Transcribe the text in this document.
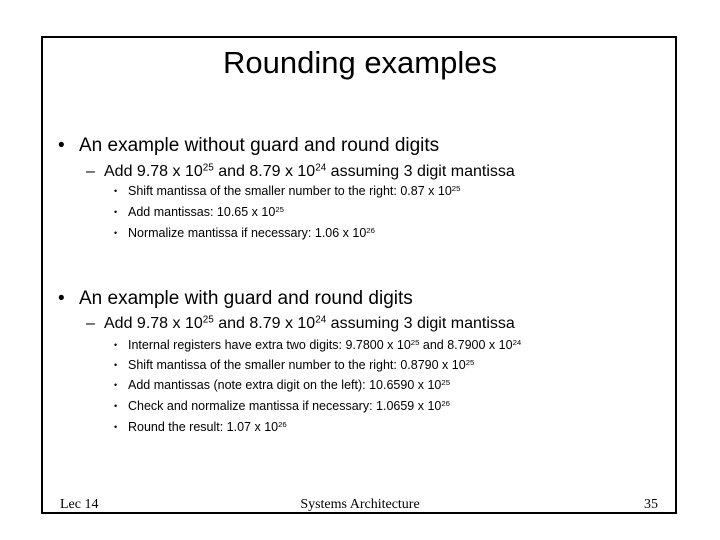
Rounding examples
• An example without guard and round digits
– Add 9.78 x $10^{25}$ and 8.79 x $10^{24}$ assuming 3 digit mantissa
• Shift mantissa of the smaller number to the right: 0.87 x $10^{25}$
• Add mantissas: 10.65 x $10^{25}$
• Normalize mantissa if necessary: 1.06 x $10^{26}$
• An example with guard and round digits
– Add 9.78 x $10^{25}$ and 8.79 x $10^{24}$ assuming 3 digit mantissa
• Internal registers have extra two digits: 9.7800 x $10^{25}$ and 8.7900 x $10^{24}$
• Shift mantissa of the smaller number to the right: 0.8790 x $10^{25}$
• Add mantissas (note extra digit on the left): 10.6590 x $10^{25}$
• Check and normalize mantissa if necessary: 1.0659 x $10^{26}$
• Round the result: 1.07 x $10^{26}$
Lec 14	Systems Architecture	35
